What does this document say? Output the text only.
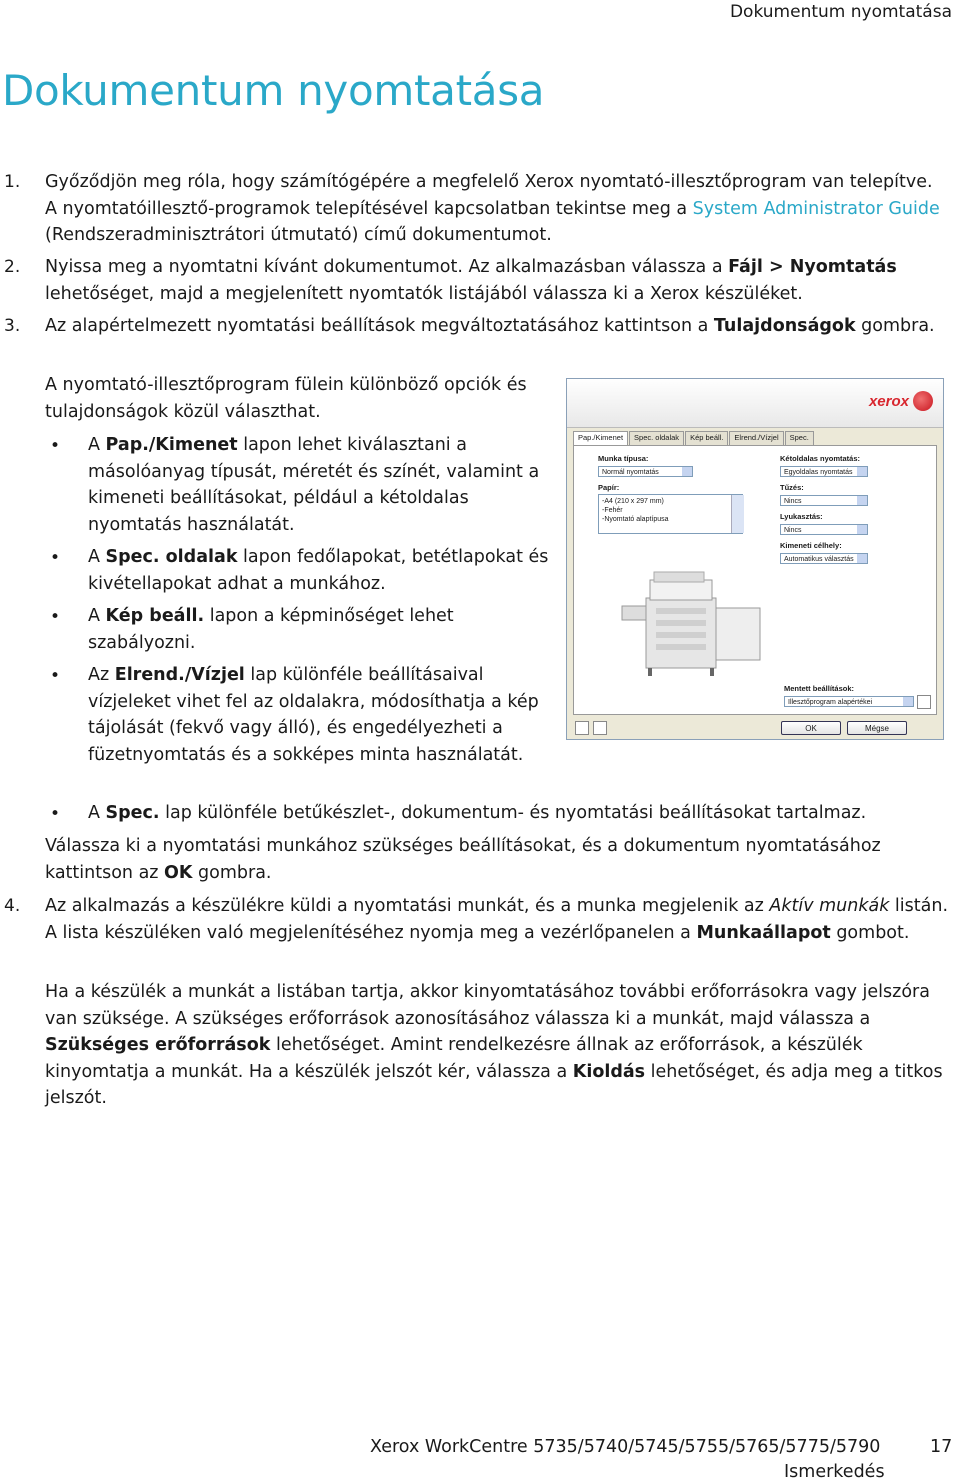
Dokumentum nyomtatása
Dokumentum nyomtatása
1. Győződjön meg róla, hogy számítógépére a megfelelő Xerox nyomtató-illesztőprogram van telepítve. A nyomtatóillesztő-programok telepítésével kapcsolatban tekintse meg a System Administrator Guide (Rendszeradminisztrátori útmutató) című dokumentumot.
2. Nyissa meg a nyomtatni kívánt dokumentumot. Az alkalmazásban válassza a Fájl > Nyomtatás lehetőséget, majd a megjelenített nyomtatók listájából válassza ki a Xerox készüléket.
3. Az alapértelmezett nyomtatási beállítások megváltoztatásához kattintson a Tulajdonságok gombra.
A nyomtató-illesztőprogram fülein különböző opciók és tulajdonságok közül választhat.
• A Pap./Kimenet lapon lehet kiválasztani a másolóanyag típusát, méretét és színét, valamint a kimeneti beállításokat, például a kétoldalas nyomtatás használatát.
• A Spec. oldalak lapon fedőlapokat, betétlapokat és kivétellapokat adhat a munkához.
• A Kép beáll. lapon a képminőséget lehet szabályozni.
• Az Elrend./Vízjel lap különféle beállításaival vízjeleket vihet fel az oldalakra, módosíthatja a kép tájolását (fekvő vagy álló), és engedélyezheti a füzetnyomtatás és a sokképes minta használatát.
• A Spec. lap különféle betűkészlet-, dokumentum- és nyomtatási beállításokat tartalmaz.
Válassza ki a nyomtatási munkához szükséges beállításokat, és a dokumentum nyomtatásához kattintson az OK gombra.
4. Az alkalmazás a készülékre küldi a nyomtatási munkát, és a munka megjelenik az Aktív munkák listán. A lista készüléken való megjelenítéséhez nyomja meg a vezérlőpanelen a Munkaállapot gombot.
Ha a készülék a munkát a listában tartja, akkor kinyomtatásához további erőforrásokra vagy jelszóra van szüksége. A szükséges erőforrások azonosításához válassza ki a munkát, majd válassza a Szükséges erőforrások lehetőséget. Amint rendelkezésre állnak az erőforrások, a készülék kinyomtatja a munkát. Ha a készülék jelszót kér, válassza a Kioldás lehetőséget, és adja meg a titkos jelszót.
xerox
Pap./Kimenet	Spec. oldalak	Kép beáll.	Elrend./Vízjel	Spec.
Munka típusa:
Normál nyomtatás
Papír:
-A4 (210 x 297 mm)
-Fehér
-Nyomtató alaptípusa
Kétoldalas nyomtatás:
Egyoldalas nyomtatás
Tűzés:
Nincs
Lyukasztás:
Nincs
Kimeneti célhely:
Automatikus választás
Mentett beállítások:
Illesztőprogram alapértékei
OK	Mégse
Xerox WorkCentre 5735/5740/5745/5755/5765/5775/5790	17
Ismerkedés
